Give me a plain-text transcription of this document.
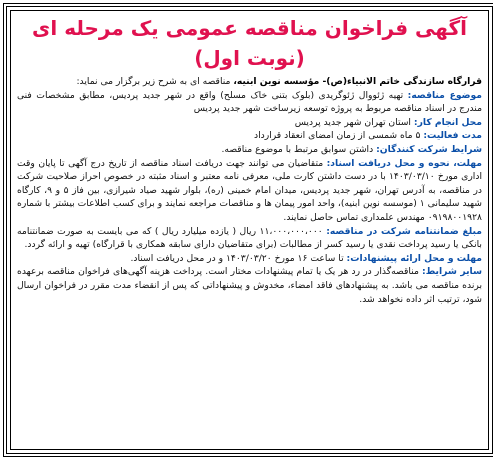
آگهی فراخوان مناقصه عمومی یک مرحله ای (نوبت اول)

قرارگاه سازندگی خاتم الانبیاء(ص)- مؤسسه نوین ابنیه، مناقصه ای به شرح زیر برگزار می نماید:

موضوع مناقصه: تهیه ژئووال ژئوگریدی (بلوک بتنی خاک مسلح) واقع در شهر جدید پردیس، مطابق مشخصات فنی مندرج در اسناد مناقصه مربوط به پروژه توسعه زیرساخت شهر جدید پردیس

محل انجام کار: استان تهران شهر جدید پردیس

مدت فعالیت: ۵ ماه شمسی از زمان امضای انعقاد قرارداد

شرایط شرکت کنندگان: داشتن سوابق مرتبط با موضوع مناقصه.

مهلت، نحوه و محل دریافت اسناد: متقاضیان می توانند جهت دریافت اسناد مناقصه از تاریخ درج آگهی تا پایان وقت اداری مورخ ۱۴۰۳/۰۳/۱۰ با در دست داشتن کارت ملی، معرفی نامه معتبر و اسناد مثبته در خصوص احراز صلاحیت شرکت در مناقصه، به آدرس تهران، شهر جدید پردیس، میدان امام خمینی (ره)، بلوار شهید صیاد شیرازی، بین فاز ۵ و ۹، کارگاه شهید سلیمانی ۱ (موسسه نوین ابنیه)، واحد امور پیمان ها و مناقصات مراجعه نمایند و برای کسب اطلاعات بیشتر با شماره ۰۹۱۹۸۰۰۱۹۲۸ مهندس علمداری تماس حاصل نمایند.

مبلغ ضمانتنامه شرکت در مناقصه: ۱۱،۰۰۰،۰۰۰،۰۰۰ ریال ( یازده میلیارد ریال ) که می بایست به صورت ضمانتنامه بانکی یا رسید پرداخت نقدی یا رسید کسر از مطالبات (برای متقاضیان دارای سابقه همکاری با قرارگاه) تهیه و ارائه گردد.

مهلت و محل ارائه پیشنهادات: تا ساعت ۱۶ مورخ ۱۴۰۳/۰۳/۲۰ و در محل دریافت اسناد.

سایر شرایط: مناقصه‌گذار در رد هر یک یا تمام پیشنهادات مختار است. پرداخت هزینه آگهی‌های فراخوان مناقصه برعهده برنده مناقصه می باشد. به پیشنهادهای فاقد امضاء، مخدوش و پیشنهاداتی که پس از انقضاء مدت مقرر در فراخوان ارسال شود، ترتیب اثر داده نخواهد شد.
